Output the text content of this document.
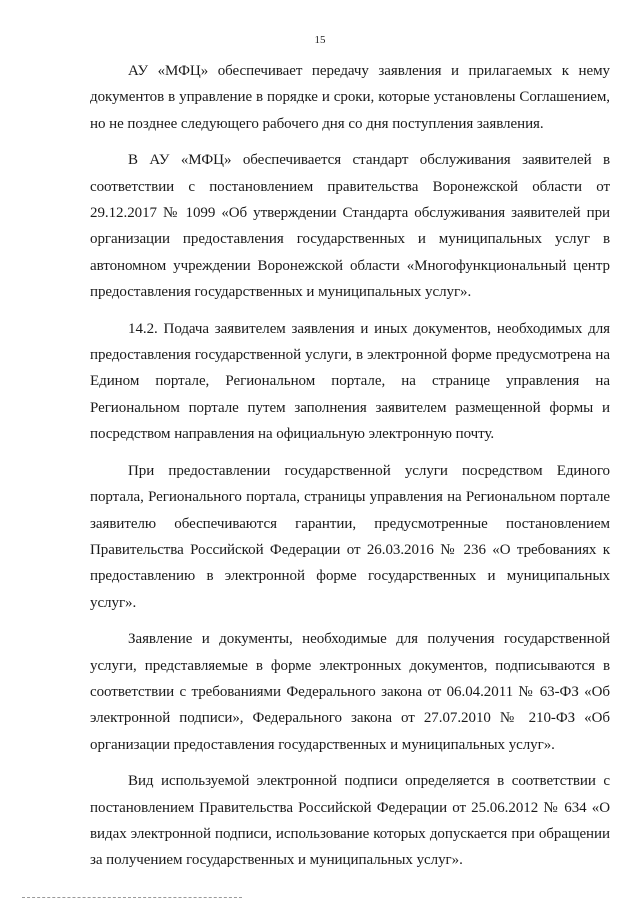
15

АУ «МФЦ» обеспечивает передачу заявления и прилагаемых к нему документов в управление в порядке и сроки, которые установлены Соглашением, но не позднее следующего рабочего дня со дня поступления заявления.

В АУ «МФЦ» обеспечивается стандарт обслуживания заявителей в соответствии с постановлением правительства Воронежской области от 29.12.2017 № 1099 «Об утверждении Стандарта обслуживания заявителей при организации предоставления государственных и муниципальных услуг в автономном учреждении Воронежской области «Многофункциональный центр предоставления государственных и муниципальных услуг».

14.2. Подача заявителем заявления и иных документов, необходимых для предоставления государственной услуги, в электронной форме предусмотрена на Едином портале, Региональном портале, на странице управления на Региональном портале путем заполнения заявителем размещенной формы и посредством направления на официальную электронную почту.

При предоставлении государственной услуги посредством Единого портала, Регионального портала, страницы управления на Региональном портале заявителю обеспечиваются гарантии, предусмотренные постановлением Правительства Российской Федерации от 26.03.2016 № 236 «О требованиях к предоставлению в электронной форме государственных и муниципальных услуг».

Заявление и документы, необходимые для получения государственной услуги, представляемые в форме электронных документов, подписываются в соответствии с требованиями Федерального закона от 06.04.2011 № 63-ФЗ «Об электронной подписи», Федерального закона от 27.07.2010 № 210-ФЗ «Об организации предоставления государственных и муниципальных услуг».

Вид используемой электронной подписи определяется в соответствии с постановлением Правительства Российской Федерации от 25.06.2012 № 634 «О видах электронной подписи, использование которых допускается при обращении за получением государственных и муниципальных услуг».
